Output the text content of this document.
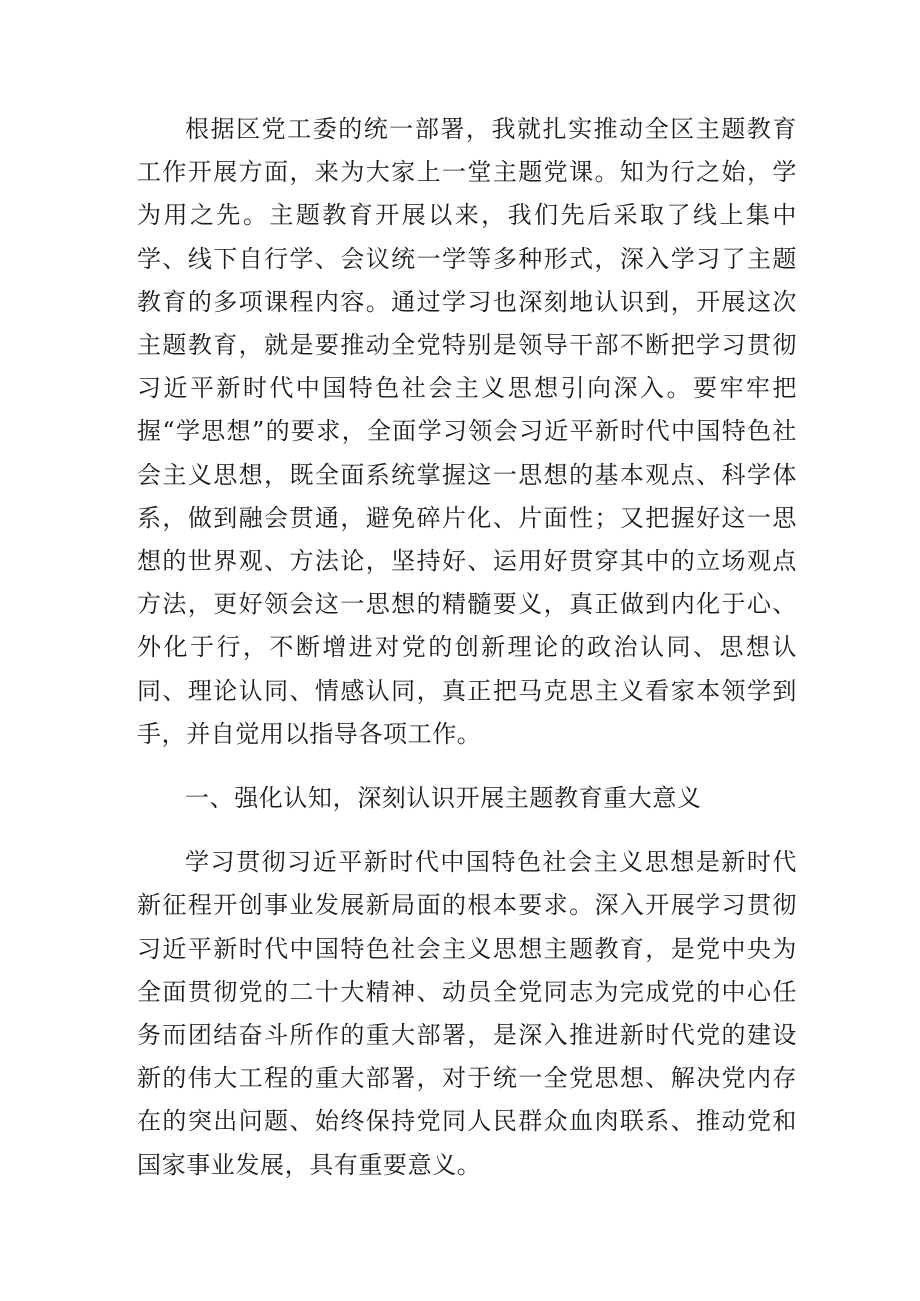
根据区党工委的统一部署，我就扎实推动全区主题教育工作开展方面，来为大家上一堂主题党课。知为行之始，学为用之先。主题教育开展以来，我们先后采取了线上集中学、线下自行学、会议统一学等多种形式，深入学习了主题教育的多项课程内容。通过学习也深刻地认识到，开展这次主题教育，就是要推动全党特别是领导干部不断把学习贯彻习近平新时代中国特色社会主义思想引向深入。要牢牢把握“学思想”的要求，全面学习领会习近平新时代中国特色社会主义思想，既全面系统掌握这一思想的基本观点、科学体系，做到融会贯通，避免碎片化、片面性；又把握好这一思想的世界观、方法论，坚持好、运用好贯穿其中的立场观点方法，更好领会这一思想的精髓要义，真正做到内化于心、外化于行，不断增进对党的创新理论的政治认同、思想认同、理论认同、情感认同，真正把马克思主义看家本领学到手，并自觉用以指导各项工作。

一、强化认知，深刻认识开展主题教育重大意义

学习贯彻习近平新时代中国特色社会主义思想是新时代新征程开创事业发展新局面的根本要求。深入开展学习贯彻习近平新时代中国特色社会主义思想主题教育，是党中央为全面贯彻党的二十大精神、动员全党同志为完成党的中心任务而团结奋斗所作的重大部署，是深入推进新时代党的建设新的伟大工程的重大部署，对于统一全党思想、解决党内存在的突出问题、始终保持党同人民群众血肉联系、推动党和国家事业发展，具有重要意义。
